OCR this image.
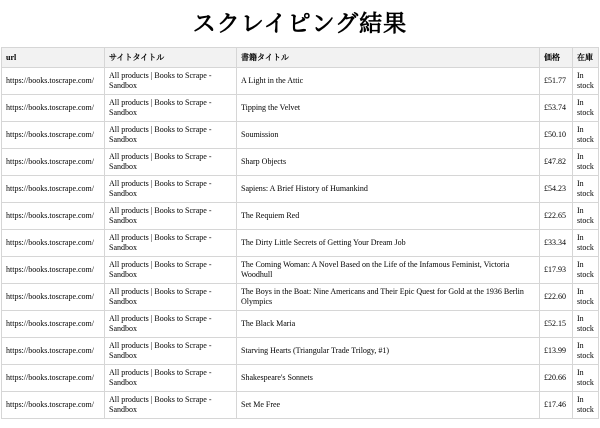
スクレイピング結果
url	サイトタイトル	書籍タイトル	価格	在庫
https://books.toscrape.com/	All products | Books to Scrape - Sandbox	A Light in the Attic	£51.77	In stock
https://books.toscrape.com/	All products | Books to Scrape - Sandbox	Tipping the Velvet	£53.74	In stock
https://books.toscrape.com/	All products | Books to Scrape - Sandbox	Soumission	£50.10	In stock
https://books.toscrape.com/	All products | Books to Scrape - Sandbox	Sharp Objects	£47.82	In stock
https://books.toscrape.com/	All products | Books to Scrape - Sandbox	Sapiens: A Brief History of Humankind	£54.23	In stock
https://books.toscrape.com/	All products | Books to Scrape - Sandbox	The Requiem Red	£22.65	In stock
https://books.toscrape.com/	All products | Books to Scrape - Sandbox	The Dirty Little Secrets of Getting Your Dream Job	£33.34	In stock
https://books.toscrape.com/	All products | Books to Scrape - Sandbox	The Coming Woman: A Novel Based on the Life of the Infamous Feminist, Victoria Woodhull	£17.93	In stock
https://books.toscrape.com/	All products | Books to Scrape - Sandbox	The Boys in the Boat: Nine Americans and Their Epic Quest for Gold at the 1936 Berlin Olympics	£22.60	In stock
https://books.toscrape.com/	All products | Books to Scrape - Sandbox	The Black Maria	£52.15	In stock
https://books.toscrape.com/	All products | Books to Scrape - Sandbox	Starving Hearts (Triangular Trade Trilogy, #1)	£13.99	In stock
https://books.toscrape.com/	All products | Books to Scrape - Sandbox	Shakespeare's Sonnets	£20.66	In stock
https://books.toscrape.com/	All products | Books to Scrape - Sandbox	Set Me Free	£17.46	In stock
